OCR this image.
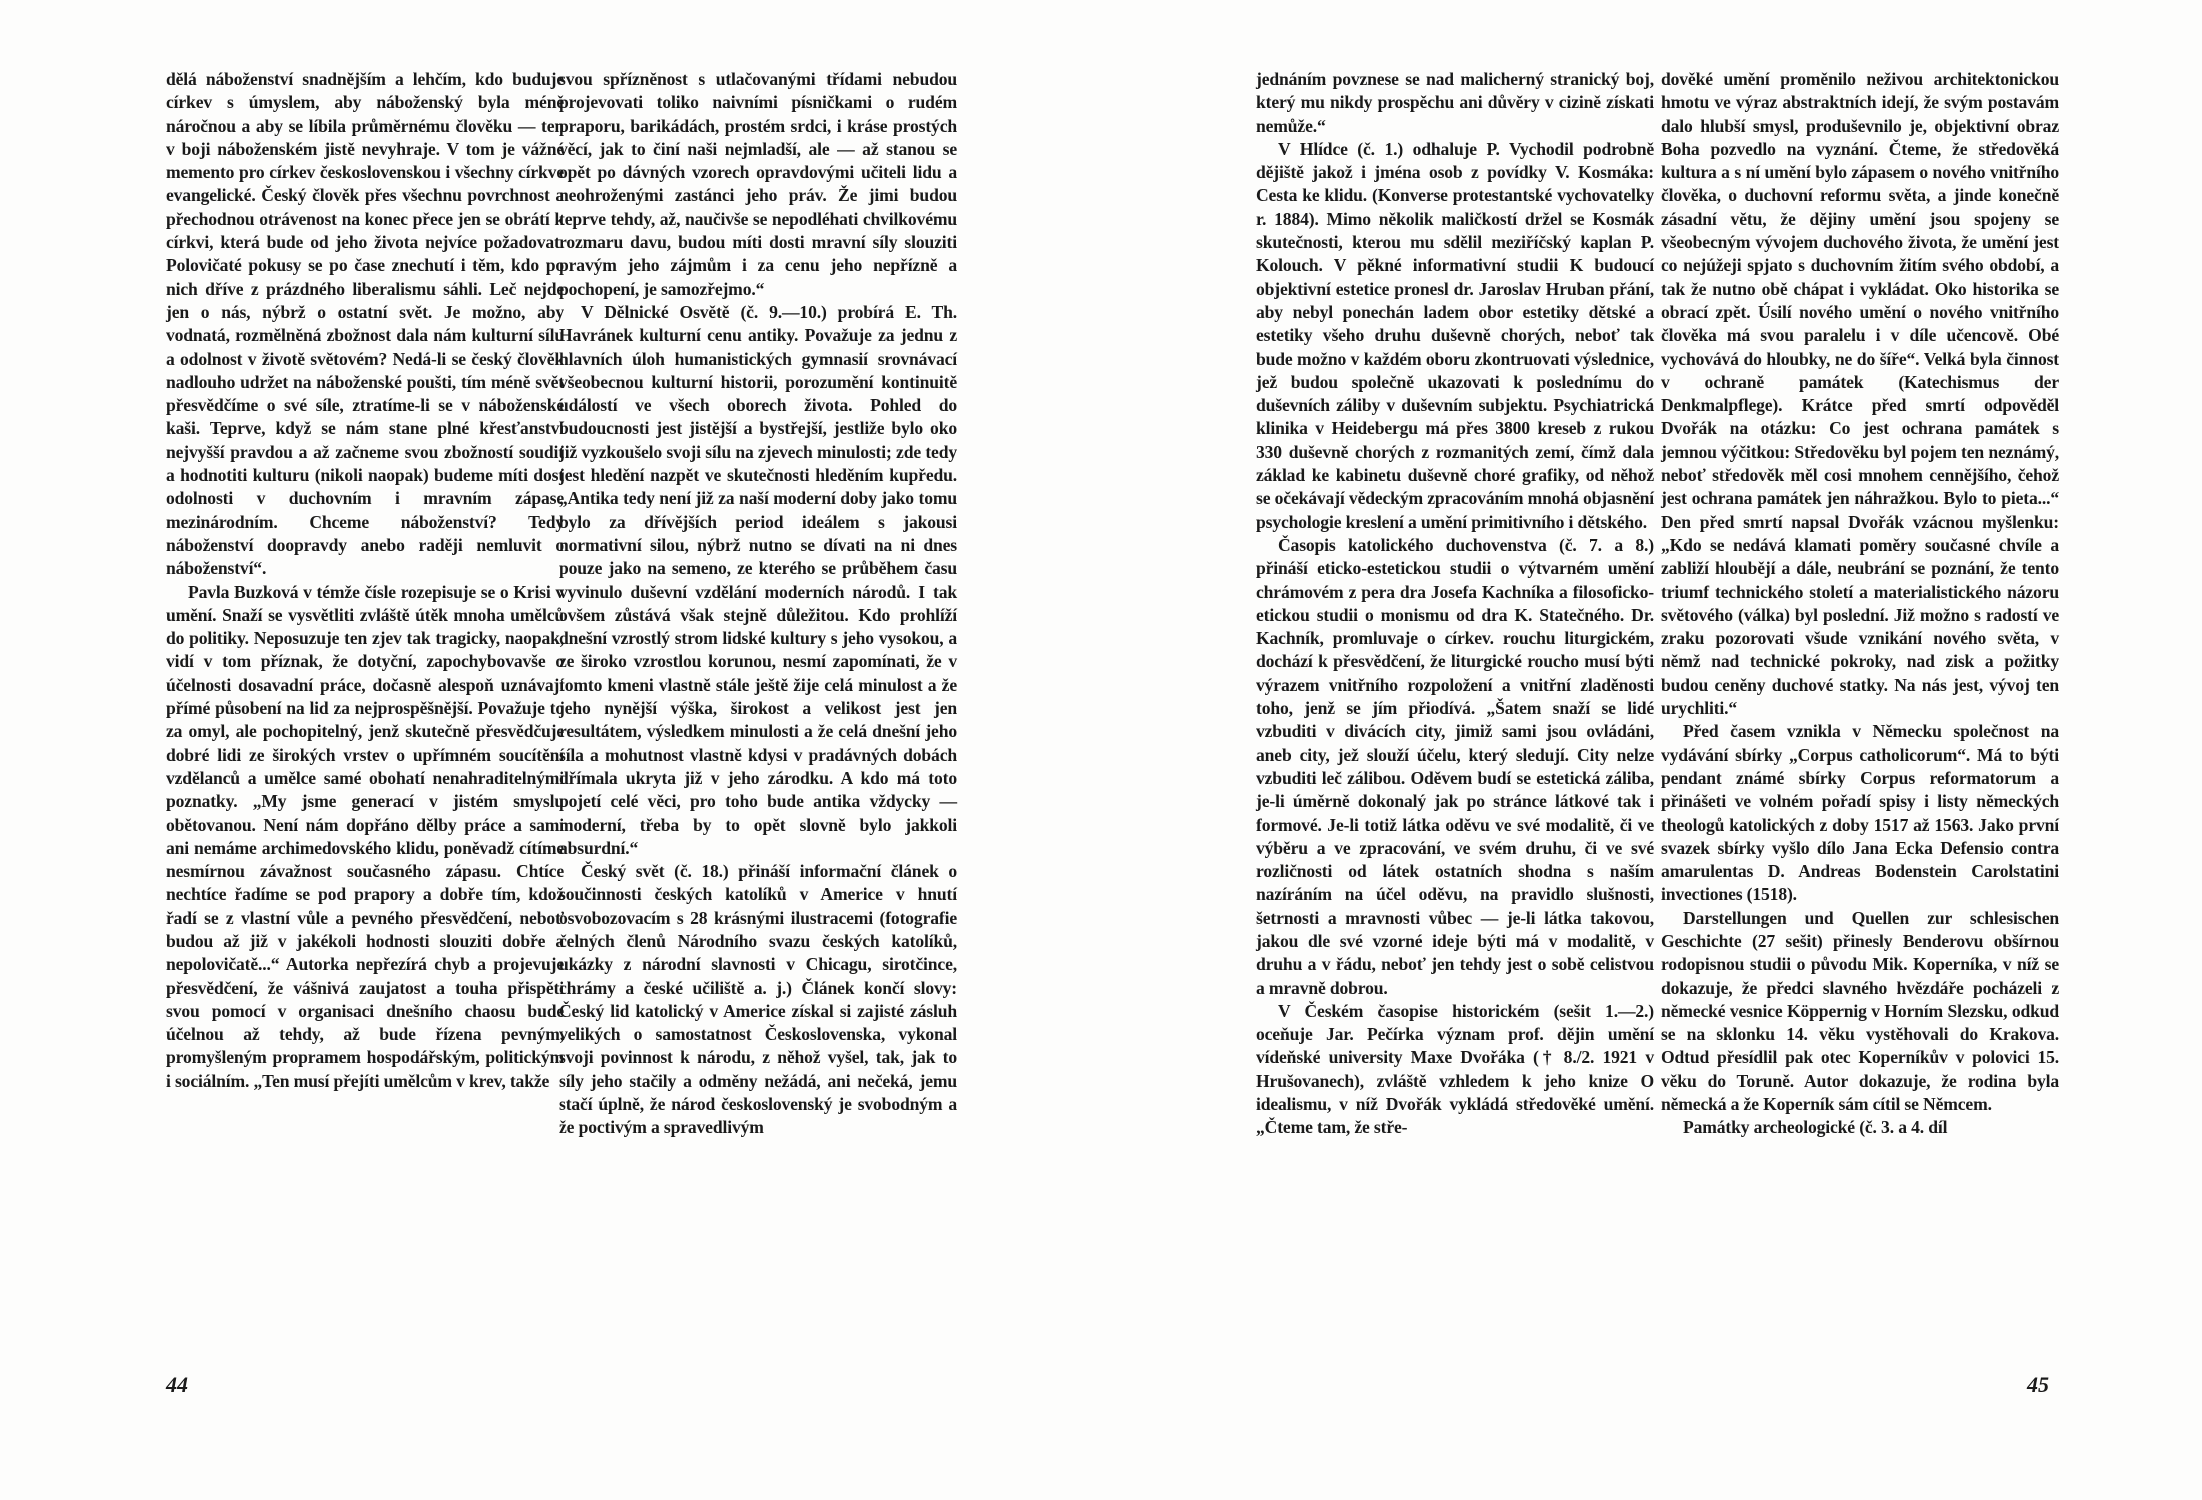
dělá náboženství snadnějším a lehčím, kdo buduje církev s úmyslem, aby náboženský byla méně náročnou a aby se líbila průměrnému člověku — ten v boji náboženském jistě nevyhraje. V tom je vážné memento pro církev československou i všechny církve evangelické. Český člověk přes všechnu povrchnost a přechodnou otrávenost na konec přece jen se obrátí k církvi, která bude od jeho života nejvíce požadovat. Polovičaté pokusy se po čase znechutí i těm, kdo po nich dříve z prázdného liberalismu sáhli. Leč nejde jen o nás, nýbrž o ostatní svět. Je možno, aby vodnatá, rozmělněná zbožnost dala nám kulturní sílu a odolnost v životě světovém? Nedá-li se český člověk nadlouho udržet na náboženské poušti, tím méně svět přesvědčíme o své síle, ztratíme-li se v náboženské kaši. Teprve, když se nám stane plné křesťanství nejvyšší pravdou a až začneme svou zbožností soudit a hodnotiti kulturu (nikoli naopak) budeme míti dost odolnosti v duchovním i mravním zápase mezinárodním. Chceme náboženství? Tedy náboženství doopravdy anebo raději nemluvit o náboženství“.

Pavla Buzková v témže čísle rozepisuje se o Krisi v umění. Snaží se vysvětliti zvláště útěk mnoha umělců do politiky. Neposuzuje ten zjev tak tragicky, naopak, vidí v tom příznak, že dotyční, zapochybovavše o účelnosti dosavadní práce, dočasně alespoň uznávají přímé působení na lid za nejprospěšnější. Považuje to za omyl, ale pochopitelný, jenž skutečně přesvědčuje dobré lidi ze širokých vrstev o upřímném soucítění vzdělanců a umělce samé obohatí nenahraditelnými poznatky. „My jsme generací v jistém smyslu obětovanou. Není nám dopřáno dělby práce a sami ani nemáme archimedovského klidu, poněvadž cítíme nesmírnou závažnost současného zápasu. Chtíce nechtíce řadíme se pod prapory a dobře tím, kdož řadí se z vlastní vůle a pevného přesvědčení, neboť budou až již v jakékoli hodnosti slouziti dobře a nepolovičatě...“ Autorka nepřezírá chyb a projevuje přesvědčení, že vášnivá zaujatost a touha přispěti svou pomocí v organisaci dnešního chaosu bude účelnou až tehdy, až bude řízena pevným, promyšleným propramem hospodářským, politickým i sociálním. „Ten musí přejíti umělcům v krev, takže

svou spřízněnost s utlačovanými třídami nebudou projevovati toliko naivními písničkami o rudém praporu, barikádách, prostém srdci, i kráse prostých věcí, jak to činí naši nejmladší, ale — až stanou se opět po dávných vzorech opravdovými učiteli lidu a neohroženými zastánci jeho práv. Že jimi budou teprve tehdy, až, naučivše se nepodléhati chvilkovému rozmaru davu, budou míti dosti mravní síly slouziti pravým jeho zájmům i za cenu jeho nepřízně a pochopení, je samozřejmo.“

V Dělnické Osvětě (č. 9.—10.) probírá E. Th. Havránek kulturní cenu antiky. Považuje za jednu z hlavních úloh humanistických gymnasií srovnávací všeobecnou kulturní historii, porozumění kontinuitě událostí ve všech oborech života. Pohled do budoucnosti jest jistější a bystřejší, jestliže bylo oko již vyzkoušelo svoji sílu na zjevech minulosti; zde tedy jest hledění nazpět ve skutečnosti hleděním kupředu. „Antika tedy není již za naší moderní doby jako tomu bylo za dřívějších period ideálem s jakousi normativní silou, nýbrž nutno se dívati na ni dnes pouze jako na semeno, ze kterého se průběhem času vyvinulo duševní vzdělání moderních národů. I tak ovšem zůstává však stejně důležitou. Kdo prohlíží dnešní vzrostlý strom lidské kultury s jeho vysokou, a ze široko vzrostlou korunou, nesmí zapomínati, že v tomto kmeni vlastně stále ještě žije celá minulost a že jeho nynější výška, širokost a velikost jest jen resultátem, výsledkem minulosti a že celá dnešní jeho síla a mohutnost vlastně kdysi v pradávných dobách dřímala ukryta již v jeho zárodku. A kdo má toto pojetí celé věci, pro toho bude antika vždycky — moderní, třeba by to opět slovně bylo jakkoli absurdní.“

Český svět (č. 18.) přináší informační článek o součinnosti českých katolíků v Americe v hnutí osvobozovacím s 28 krásnými ilustracemi (fotografie čelných členů Národního svazu českých katolíků, ukázky z národní slavnosti v Chicagu, sirotčince, chrámy a české učiliště a. j.) Článek končí slovy: Český lid katolický v Americe získal si zajisté zásluh velikých o samostatnost Československa, vykonal svoji povinnost k národu, z něhož vyšel, tak, jak to síly jeho stačily a odměny nežádá, ani nečeká, jemu stačí úplně, že národ československý je svobodným a že poctivým a spravedlivým

44

jednáním povznese se nad malicherný stranický boj, který mu nikdy prospěchu ani důvěry v cizině získati nemůže.“

V Hlídce (č. 1.) odhaluje P. Vychodil podrobně dějiště jakož i jména osob z povídky V. Kosmáka: Cesta ke klidu. (Konverse protestantské vychovatelky r. 1884). Mimo několik maličkostí držel se Kosmák skutečnosti, kterou mu sdělil meziříčský kaplan P. Kolouch. V pěkné informativní studii K budoucí objektivní estetice pronesl dr. Jaroslav Hruban přání, aby nebyl ponechán ladem obor estetiky dětské a estetiky všeho druhu duševně chorých, neboť tak bude možno v každém oboru zkontruovati výslednice, jež budou společně ukazovati k poslednímu do duševních záliby v duševním subjektu. Psychiatrická klinika v Heidebergu má přes 3800 kreseb z rukou 330 duševně chorých z rozmanitých zemí, čímž dala základ ke kabinetu duševně choré grafiky, od něhož se očekávají vědeckým zpracováním mnohá objasnění psychologie kreslení a umění primitivního i dětského.

Časopis katolického duchovenstva (č. 7. a 8.) přináší eticko-estetickou studii o výtvarném umění chrámovém z pera dra Josefa Kachníka a filosoficko-etickou studii o monismu od dra K. Statečného. Dr. Kachník, promluvaje o církev. rouchu liturgickém, dochází k přesvědčení, že liturgické roucho musí býti výrazem vnitřního rozpoložení a vnitřní zladěnosti toho, jenž se jím přiodívá. „Šatem snaží se lidé vzbuditi v divácích city, jimiž sami jsou ovládáni, aneb city, jež slouží účelu, který sledují. City nelze vzbuditi leč zálibou. Oděvem budí se estetická záliba, je-li úměrně dokonalý jak po stránce látkové tak i formové. Je-li totiž látka oděvu ve své modalitě, či ve výběru a ve zpracování, ve svém druhu, či ve své rozličnosti od látek ostatních shodna s naším nazíráním na účel oděvu, na pravidlo slušnosti, šetrnosti a mravnosti vůbec — je-li látka takovou, jakou dle své vzorné ideje býti má v modalitě, v druhu a v řádu, neboť jen tehdy jest o sobě celistvou a mravně dobrou.

V Českém časopise historickém (sešit 1.—2.) oceňuje Jar. Pečírka význam prof. dějin umění vídeňské university Maxe Dvořáka († 8./2. 1921 v Hrušovanech), zvláště vzhledem k jeho knize O idealismu, v níž Dvořák vykládá středověké umění. „Čteme tam, že stře-

dověké umění proměnilo neživou architektonickou hmotu ve výraz abstraktních idejí, že svým postavám dalo hlubší smysl, produševnilo je, objektivní obraz Boha pozvedlo na vyznání. Čteme, že středověká kultura a s ní umění bylo zápasem o nového vnitřního člověka, o duchovní reformu světa, a jinde konečně zásadní větu, že dějiny umění jsou spojeny se všeobecným vývojem duchového života, že umění jest co nejúžeji spjato s duchovním žitím svého období, a tak že nutno obě chápat i vykládat. Oko historika se obrací zpět. Úsilí nového umění o nového vnitřního člověka má svou paralelu i v díle učencově. Obé vychovává do hloubky, ne do šíře“. Velká byla činnost v ochraně památek (Katechismus der Denkmalpflege). Krátce před smrtí odpověděl Dvořák na otázku: Co jest ochrana památek s jemnou výčitkou: Středověku byl pojem ten neznámý, neboť středověk měl cosi mnohem cennějšího, čehož jest ochrana památek jen náhražkou. Bylo to pieta...“ Den před smrtí napsal Dvořák vzácnou myšlenku: „Kdo se nedává klamati poměry současné chvíle a zabliží hloubějí a dále, neubrání se poznání, že tento triumf technického století a materialistického názoru světového (válka) byl poslední. Již možno s radostí ve zraku pozorovati všude vznikání nového světa, v němž nad technické pokroky, nad zisk a požitky budou ceněny duchové statky. Na nás jest, vývoj ten urychliti.“

Před časem vznikla v Německu společnost na vydávání sbírky „Corpus catholicorum“. Má to býti pendant známé sbírky Corpus reformatorum a přinášeti ve volném pořadí spisy i listy německých theologů katolických z doby 1517 až 1563. Jako první svazek sbírky vyšlo dílo Jana Ecka Defensio contra amarulentas D. Andreas Bodenstein Carolstatini invectiones (1518).

Darstellungen und Quellen zur schlesischen Geschichte (27 sešit) přinesly Benderovu obšírnou rodopisnou studii o původu Mik. Koperníka, v níž se dokazuje, že předci slavného hvězdáře pocházeli z německé vesnice Köppernig v Horním Slezsku, odkud se na sklonku 14. věku vystěhovali do Krakova. Odtud přesídlil pak otec Koperníkův v polovici 15. věku do Toruně. Autor dokazuje, že rodina byla německá a že Koperník sám cítil se Němcem.

Památky archeologické (č. 3. a 4. díl

45
